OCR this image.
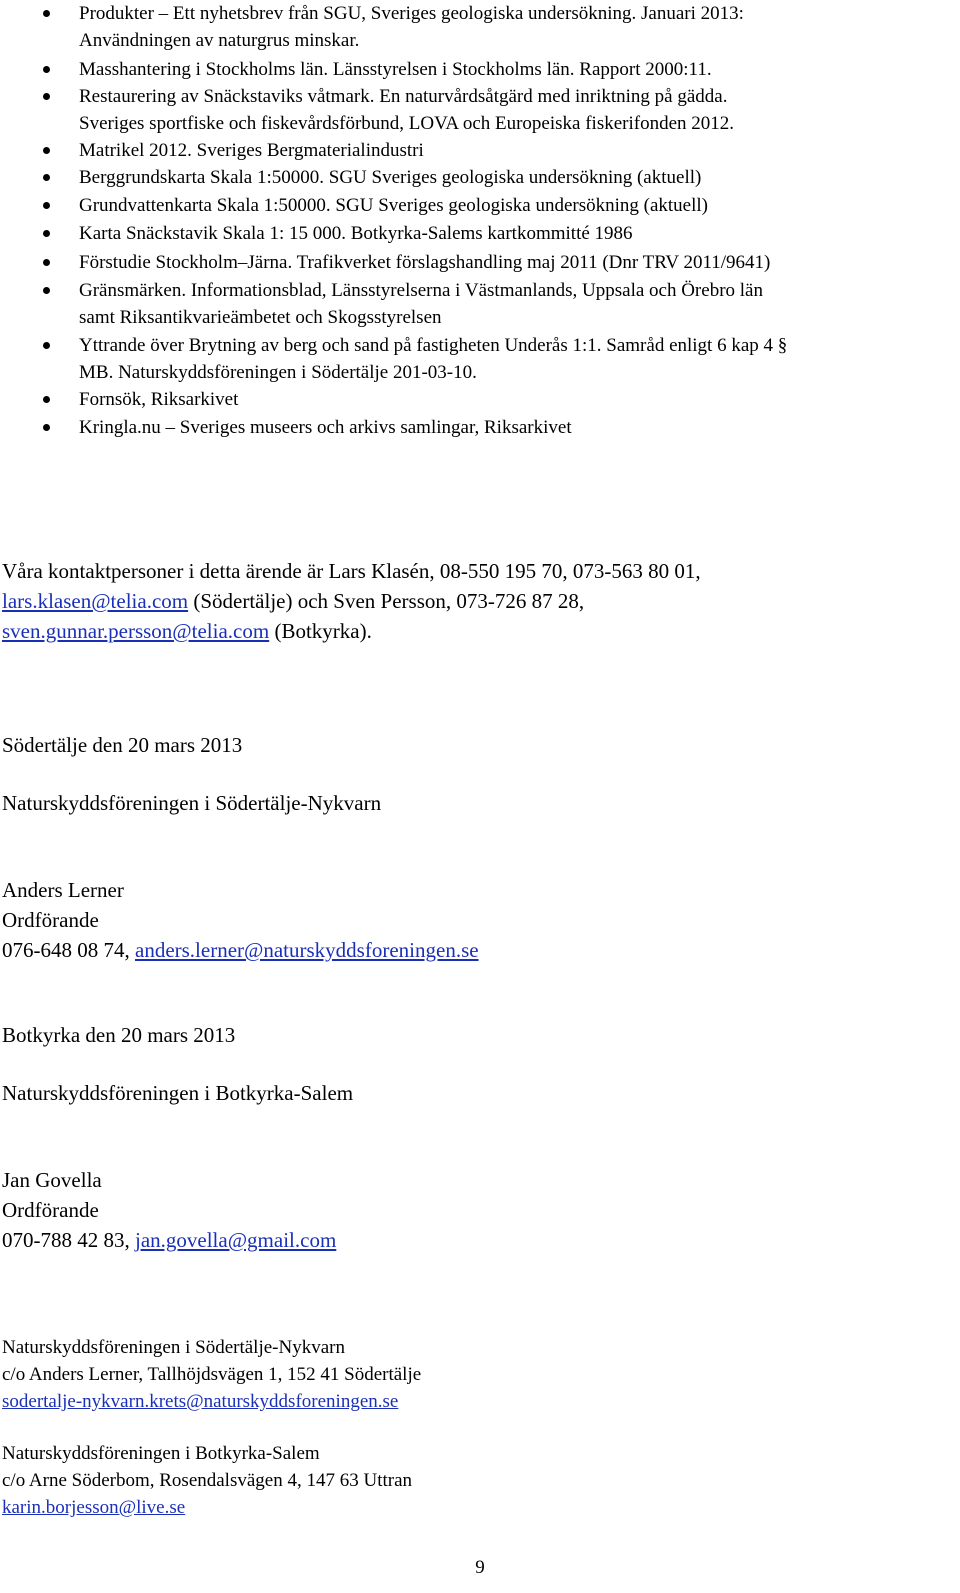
Produkter – Ett nyhetsbrev från SGU, Sveriges geologiska undersökning. Januari 2013:
Användningen av naturgrus minskar.
Masshantering i Stockholms län. Länsstyrelsen i Stockholms län. Rapport 2000:11.
Restaurering av Snäckstaviks våtmark. En naturvårdsåtgärd med inriktning på gädda.
Sveriges sportfiske och fiskevårdsförbund, LOVA och Europeiska fiskerifonden 2012.
Matrikel 2012. Sveriges Bergmaterialindustri
Berggrundskarta Skala 1:50000. SGU Sveriges geologiska undersökning (aktuell)
Grundvattenkarta Skala 1:50000. SGU Sveriges geologiska undersökning (aktuell)
Karta Snäckstavik Skala 1: 15 000. Botkyrka-Salems kartkommitté 1986
Förstudie Stockholm–Järna. Trafikverket förslagshandling maj 2011 (Dnr TRV 2011/9641)
Gränsmärken. Informationsblad, Länsstyrelserna i Västmanlands, Uppsala och Örebro län
samt Riksantikvarieämbetet och Skogsstyrelsen
Yttrande över Brytning av berg och sand på fastigheten Underås 1:1. Samråd enligt 6 kap 4 §
MB. Naturskyddsföreningen i Södertälje 201-03-10.
Fornsök, Riksarkivet
Kringla.nu – Sveriges museers och arkivs samlingar, Riksarkivet
Våra kontaktpersoner i detta ärende är Lars Klasén, 08-550 195 70, 073-563 80 01,
lars.klasen@telia.com (Södertälje) och Sven Persson, 073-726 87 28,
sven.gunnar.persson@telia.com (Botkyrka).
Södertälje den 20 mars 2013
Naturskyddsföreningen i Södertälje-Nykvarn
Anders Lerner
Ordförande
076-648 08 74, anders.lerner@naturskyddsforeningen.se
Botkyrka den 20 mars 2013
Naturskyddsföreningen i Botkyrka-Salem
Jan Govella
Ordförande
070-788 42 83, jan.govella@gmail.com
Naturskyddsföreningen i Södertälje-Nykvarn
c/o Anders Lerner, Tallhöjdsvägen 1, 152 41 Södertälje
sodertalje-nykvarn.krets@naturskyddsforeningen.se
Naturskyddsföreningen i Botkyrka-Salem
c/o Arne Söderbom, Rosendalsvägen 4, 147 63 Uttran
karin.borjesson@live.se
9
